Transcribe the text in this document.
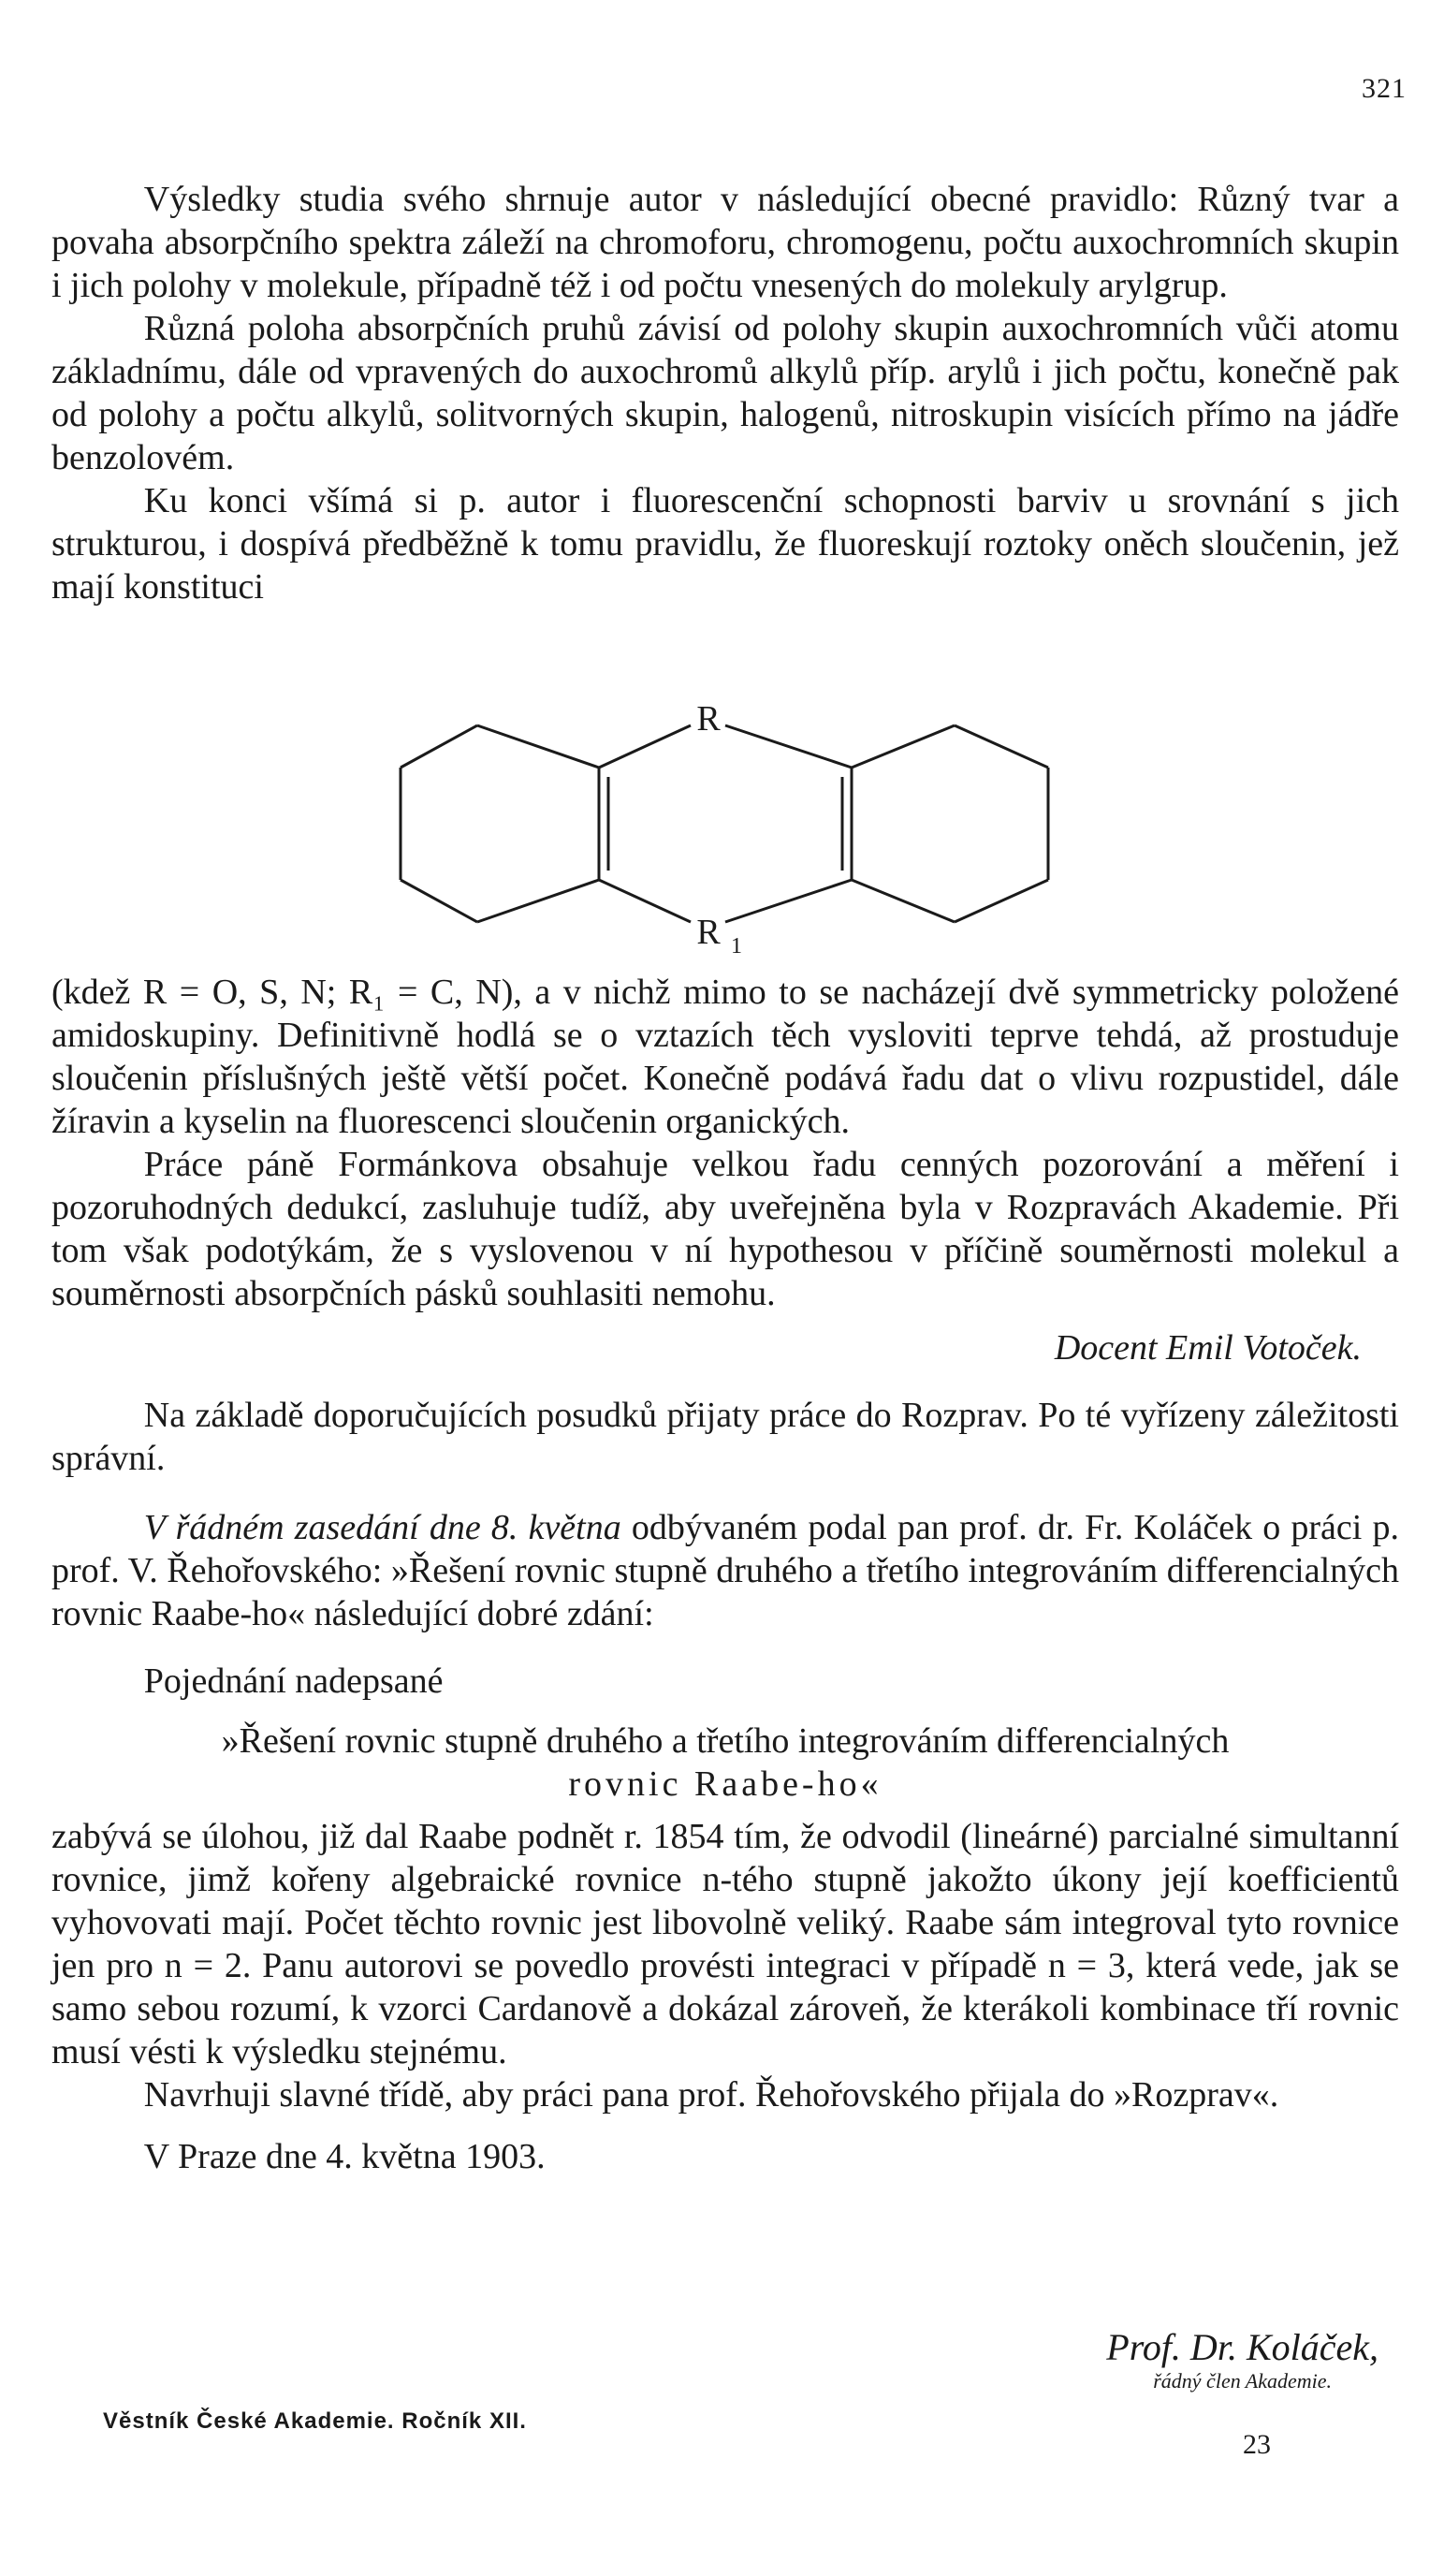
321

Výsledky studia svého shrnuje autor v následující obecné pravidlo: Různý tvar a povaha absorpčního spektra záleží na chromoforu, chromogenu, počtu auxochromních skupin i jich polohy v molekule, případně též i od počtu vnesených do molekuly arylgrup.

Různá poloha absorpčních pruhů závisí od polohy skupin auxochromních vůči atomu základnímu, dále od vpravených do auxochromů alkylů příp. arylů i jich počtu, konečně pak od polohy a počtu alkylů, solitvorných skupin, halogenů, nitroskupin visících přímo na jádře benzolovém.

Ku konci všímá si p. autor i fluorescenční schopnosti barviv u srovnání s jich strukturou, i dospívá předběžně k tomu pravidlu, že fluoreskují roztoky oněch sloučenin, jež mají konstituci

R
R 1

(kdež R = O, S, N; R₁ = C, N), a v nichž mimo to se nacházejí dvě symmetricky položené amidoskupiny. Definitivně hodlá se o vztazích těch vysloviti teprve tehdá, až prostuduje sloučenin příslušných ještě větší počet. Konečně podává řadu dat o vlivu rozpustidel, dále žíravin a kyselin na fluorescenci sloučenin organických.

Práce páně Formánkova obsahuje velkou řadu cenných pozorování a měření i pozoruhodných dedukcí, zasluhuje tudíž, aby uveřejněna byla v Rozpravách Akademie. Při tom však podotýkám, že s vyslovenou v ní hypothesou v příčině souměrnosti molekul a souměrnosti absorpčních pásků souhlasiti nemohu.

Docent Emil Votoček.

Na základě doporučujících posudků přijaty práce do Rozprav. Po té vyřízeny záležitosti správní.

V řádném zasedání dne 8. května odbývaném podal pan prof. dr. Fr. Koláček o práci p. prof. V. Řehořovského: »Řešení rovnic stupně druhého a třetího integrováním differencialných rovnic Raabe-ho« následující dobré zdání:

Pojednání nadepsané

»Řešení rovnic stupně druhého a třetího integrováním differencialných
rovnic Raabe-ho«

zabývá se úlohou, již dal Raabe podnět r. 1854 tím, že odvodil (lineárné) parcialné simultanní rovnice, jimž kořeny algebraické rovnice n-tého stupně jakožto úkony její koefficientů vyhovovati mají. Počet těchto rovnic jest libovolně veliký. Raabe sám integroval tyto rovnice jen pro n = 2. Panu autorovi se povedlo provésti integraci v případě n = 3, která vede, jak se samo sebou rozumí, k vzorci Cardanově a dokázal zároveň, že kterákoli kombinace tří rovnic musí vésti k výsledku stejnému.

Navrhuji slavné třídě, aby práci pana prof. Řehořovského přijala do »Rozprav«.

V Praze dne 4. května 1903.

Prof. Dr. Koláček,
řádný člen Akademie.
Věstník České Akademie. Ročník XII.
23
